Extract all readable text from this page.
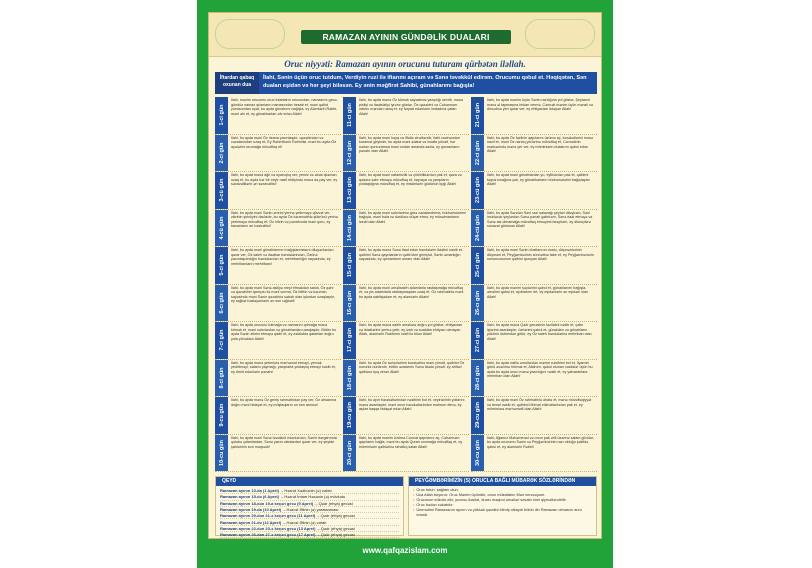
RAMAZAN AYININ GÜNDƏLİK DUALARI
Oruc niyyəti: Ramazan ayının orucunu tuturam qürbətən iləllah.
İftardan qabaq oxunan dua
İlahi, Sənin üçün oruc tutdum, Verdiyin ruzi ilə iftarımı açıram və Sənə təvəkkül edirəm. Orucumu qəbul et. Həqiqətən, Sən duaları eşidən və hər şeyi biləsən. Ey ənin məğfirət Sahibi, günahlarımı bağışla!
1-ci gün
İlahi, mənim orucumu oruc tutanların orucundan, namazımı gecə-gündüz namaz qılanların namazından hesab et, məni qəflət yuxusundan oyat, bu ayda günahımı bağışla, ey Aləmlərin Rəbbi, məni əfv et, ey günahkarları əfv edən Allah!	11-ci gün
İlahi, bu ayda mənə Öz kömək sayəsində yaxşılığı sevdir, mənə pisliyi və itaətsizliyi iyrənc göstər, Öz qəzəbini və Cəhənnəm odunu məndən uzaq et, ey fəryad edənlərin imdadına çatan Allah!	21-ci gün
İlahi, bu ayda mənim üçün Sənin razılığına yol göstər, Şeytanın mənə əl tapmasına imkan vermə, Cənnəti mənim üçün mənzil və dincəlmə yeri qərar ver, ey ehtiyacları ödəyən Allah!
2-ci gün
İlahi, bu ayda məni Öz rizana yaxınlaşdır, qəzəbindən və cəzalarından uzaq et, Ey Rəhmlilərin Rəhmlisi, məni bu ayda Öz ayələrini oxumağa müvəffəq et!	12-ci gün
İlahi, bu ayda məni həya və iffətlə zinətləndir, ilahi xəzinəndən kəramət geyindir, bu ayda məni ədalət və insafa yönəlt, hər nədən qorxuramsa məni ondan amanda saxla, ey qorxanların pənahı olan Allah!	22-ci gün
İlahi, bu ayda Öz fəzlinin qapılarını üzümə aç, bərəkətlərini mənə nazil et, məni Öz razılıq yerlərinə müvəffəq et, Cənnətinin mərkəzində mənə yer ver, ey möminlərin dualarını qəbul edən Allah!
3-cü gün
İlahi, bu ayda mənə ağıl və oyanıqlıq ver, yersiz və əbəs işlərdən uzaq et, bu ayda hər bir xeyir nazil etdiyində mənə də pay ver, ey səxavətlilərin ən səxavətlisi!	13-cü gün
İlahi, bu ayda məni natəmizlik və çirkinliklərdən pak et, qəza və qədərə səbr etməyə müvəffəq et, təqvaya və yaxşıların yoldaşlığına müvəffəq et, ey miskinlərin gözünün işığı Allah!	23-cü gün
İlahi, bu ayda məni günahlardan yu, eyiblərdən pak et, qəlbimi təqva sınağına çək, ey günahkarların büdrəmələrini bağışlayan Allah!
4-cü gün
İlahi, bu ayda məni Sənin əmrini yerinə yetirməyə qüvvət ver, zikrinin şirinliyini dadızdır, bu ayda Öz kəramətinlə şükrünü yerinə yetirməyə müvəffəq et, Öz hifzin və pənahında məni qoru, ey baxanların ən bəsirətlisi!	14-cü gün
İlahi, bu ayda məni səhvlərimə görə cəzalandırma, büdrəmələrimi bağışla, məni bəla və dərdlərə düçar etmə, ey müsəlmanların izzəti olan Allah!	24-cü gün
İlahi, bu ayda Səndən Səni razı salacağı şeyləri diləyirəm, Səni incidəcək şeylərdən Sənə pənah gətirirəm, Sənə itaət etməyə və Sənə asi olmamağa müvəffəq etməyimi istəyirəm, ey dilənçilərə səxavət göstərən Allah!
5-ci gün
İlahi, bu ayda məni günahlarımın bağışlanmasını diləyənlərdən qərar ver, Öz saleh və itaətkar bəndələrindən, Özünə yaxınlaşdırdığın bəndələrdən et, mehribanlığın sayəsində, ey mehribanların mehribanı!	15-ci gün
İlahi, bu ayda mənə Sənə itaət edən bəndələrin itaətini nəsib et, qəlbimi Sənə qayıdanların qəlbi kimi genişlət, Sənin əmanlığın sayəsində, ey qorxanların əmanı olan Allah!	25-ci gün
İlahi, bu ayda məni Sənin dostlarının dostu, düşmənlərinin düşməni et, Peyğəmbərinin sünnətinə tabe et, ey Peyğəmbərlərin sonuncusunun qəlbini qoruyan Allah!
6-cı gün
İlahi, bu ayda məni Sənə asiliyə meyl etməkdən saxla, Öz qəhr və qəzəbinin qamçısı ilə məni vurma, Öz lütfün və kərəmin sayəsində məni Sənin qəzəbinə səbəb olan işlərdən uzaqlaşdır, ey rəğbət bəsləyənlərin ən son rəğbəti!	16-cı gün
İlahi, bu ayda məni əməlisaleh adamlarla rastlaşmağa müvəffəq et, və pis adamlarla rastlaşmaqdan uzaq et, Öz rəhmətinlə məni bu ayda sabitqədəm et, ey aləmlərin Allahı!	26-cı gün
İlahi, bu ayda mənim səylərimi qəbul et, günahlarımı bağışla, əməlimi qəbul et, ayıblarımı ört, ey eşidənlərin ən eşidəni olan Allah!
7-ci gün
İlahi, bu ayda orucunu tutmağa və namazını qılmağa mənə kömək et, məni səhvlərdən və günahlardan uzaqlaşdır, Bütün bu ayda Sənin zikrini etməyə qadir et, ey zəlalətdə qalanları doğru yola yönəldən Allah!	17-ci gün
İlahi, bu ayda mənə saleh əməllərə doğru yol göstər, ehtiyacları və istəklərimi yerinə yetir, ey izah və sualdan ehtiyacı olmayan Allah, aləmlərin Rəbbinin vəsfi ilə bilən Allah!	27-ci gün
İlahi, bu ayda mənə Qədr gecəsinin fəzilətini nəsib et, çətin işlərimi asanlaşdır, üzrlərimi qəbul et, günahları və günahların yükünü üstümdən götür, ey Öz saleh bəndələrinə mehriban olan Allah!
8-ci gün
İlahi, bu ayda mənə yetimlərə mərhəmət etməyi, yemək yedirtməyi, salamı yaymağı, yaxşılarla yoldaşlıq etməyi nəsib et, ey ümid edənlərin pənahı!	18-ci gün
İlahi, bu ayda Öz səhərlərinin bərəkətinə məni yönəlt, qəlbimi Öz nurunla nurlandır, bütün əzalarımı Sənə itaətə yönəlt, ey arifləri qəlblərə işıq verən Allah!	28-ci gün
İlahi, bu ayda nafilə əməllərdən mənim nəsibimi bol et, İlyamet günü əvəzimə hörmət et, Allahım, qəbul olunan vəsilələr üçün bu ayda bu ayda onun mənə yaxınlığını nəsib et, ey yalvaranlara mehriban olan Allah!
9-cu gün
İlahi, bu ayda mənə Öz geniş rəhmətindən pay ver, Öz əhsanına doğru məni hidayət et, ey müştaqların ən son arzusu!	19-cu gün
İlahi, bu ayın bərəkətlərindən nəsibimi bol et, xeyirlərinin yollarını mənə asanlaşdır, məni onun bərəkətlərindən məhrum etmə, ey aşkar haqqa hidayət edən Allah!	29-cu gün
İlahi, bu ayda məni Öz rəhmətinlə əhatə et, mənə müvəffəqiyyət və ismət nəsib et, qəlbimi töhmət zülmətlərindən pak et, ey möminlərə mərhəmətli olan Allah!
10-cu gün
İlahi, bu ayda məni Sənə təvəkkül edənlərdən, Sənin dərgahında qələbə çalanlardan, Sənə yaxın olanlardan qərar ver, ey şeytan şahlərinin son məqsədi!	20-ci gün
İlahi, bu ayda mənim üzümə Cənnət qapılarını aç, Cəhənnəm qapılarını bağla, məni bu ayda Quran oxumağa müvəffəq et, ey möminlərin qəlblərinə rahatlıq salan Allah!	30-cu gün
İlahi, Ağamız Məhəmməd və onun pak əhli üzərinə salam göndər, bu ayda orucumu Sənin və Peyğəmbərinin razı olduğu şəkildə qəbul et, ey aləmlərin Rəbbi!
QEYD
Ramazan ayının 10-da (1 Aprel) – Həzrət Xədicənin (ə) vəfatı
Ramazan ayının 15-də (6 Aprel) – Həzrət İmam Həsənin (ə) mövludu
Ramazan ayının 18-dən 19-a keçən gecə (9 Aprel) – Qədr (ehya) gecəsi
Ramazan ayının 19-da (10 Aprel) – Həzrət Əlinin (ə) yaralanması
Ramazan ayının 20-dən 21-ə keçən gecə (11 Aprel) – Qədr (ehya) gecəsi
Ramazan ayının 21-də (12 Aprel) – Həzrət Əlinin (ə) vəfatı
Ramazan ayının 22-dən 23-ə keçən gecə (13 Aprel) – Qədr (ehya) gecəsi
Ramazan ayının 26-dan 27-ə keçən gecə (17 Aprel) – Qədr (ehya) gecəsi
PEYĞƏMBƏRİMİZİN (S) ORUCLA BAĞLI MÜBARƏK SÖZLƏRİNDƏN
• Oruc tutun, sağlam olun.
• Uca Allah buyurur: Oruc Mənim üçündür, onun mükafatını Mən verəcəyəm.
• Orucunun sükutu zikr, yuxusu ibadət, duası məqbul əməlləri savabı kimi qiymətləndirilir.
• Oruc bədən zəkatıdır.
• Ümmətimi Ramazanın ayının və yüksək şərafini bilmiş olsaydı bütün ilin Ramazan olmasını arzu edərdi.
www.qafqazislam.com
